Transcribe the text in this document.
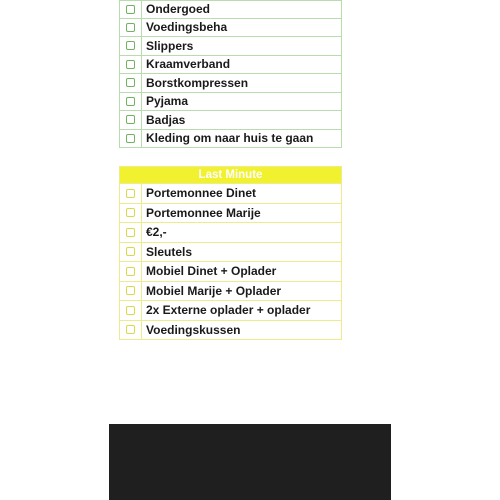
Ondergoed
Voedingsbeha
Slippers
Kraamverband
Borstkompressen
Pyjama
Badjas
Kleding om naar huis te gaan
Last Minute
Portemonnee Dinet
Portemonnee Marije
€2,-
Sleutels
Mobiel Dinet + Oplader
Mobiel Marije + Oplader
2x Externe oplader + oplader
Voedingskussen
